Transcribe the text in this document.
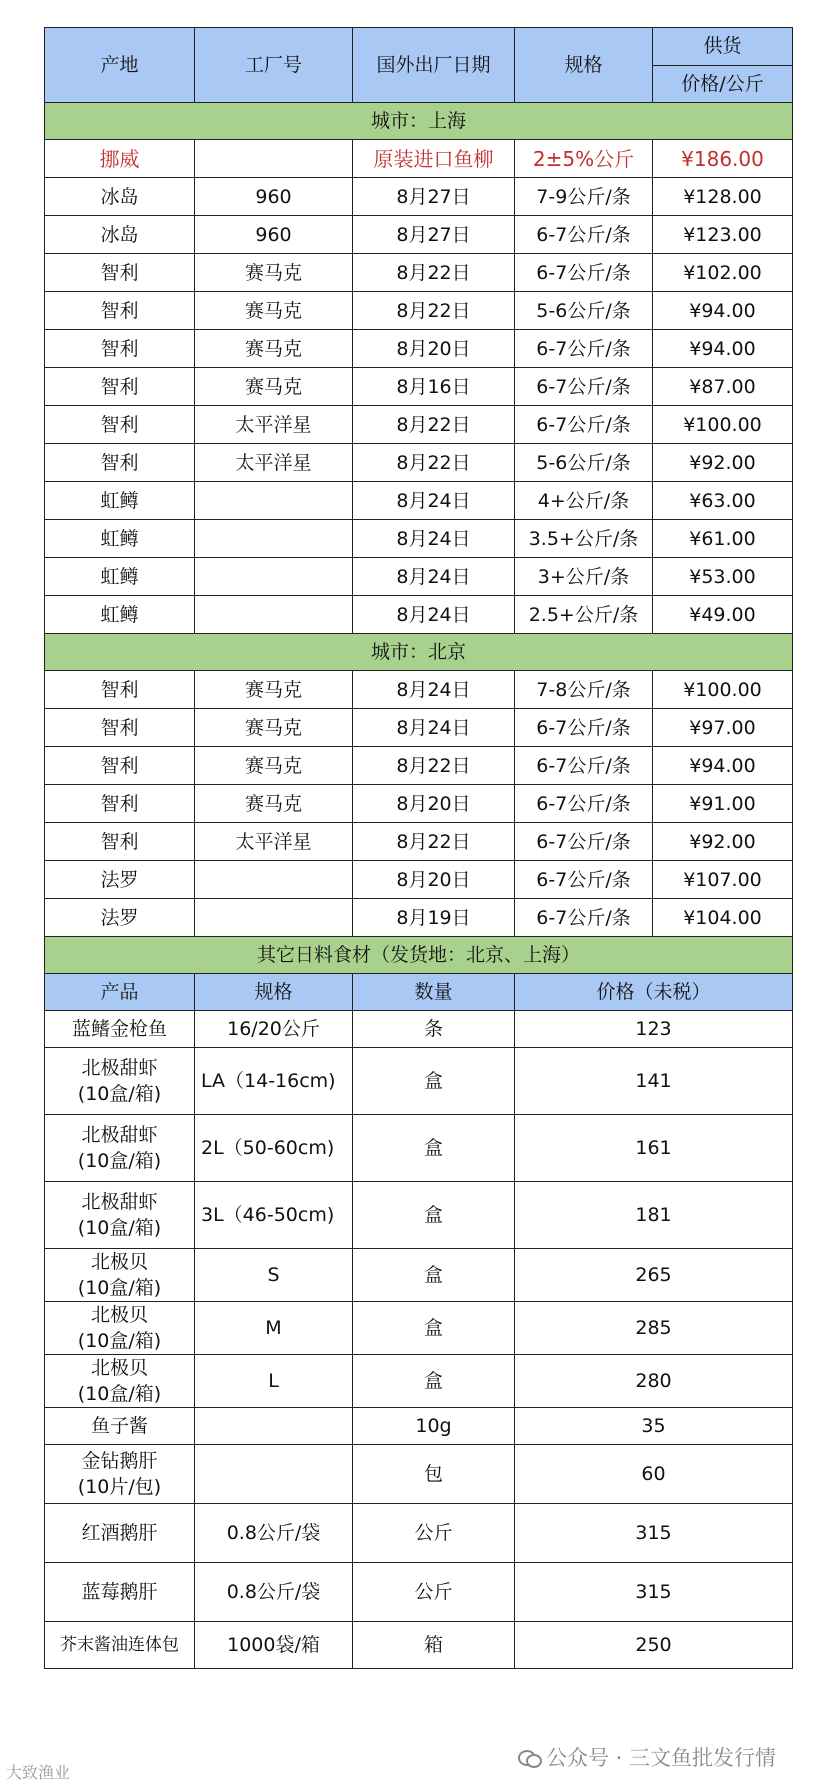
产地	工厂号	国外出厂日期	规格	供货
				价格/公斤
城市：上海				
挪威		原装进口鱼柳	2±5%公斤	¥186.00
冰岛	960	8月27日	7-9公斤/条	¥128.00
冰岛	960	8月27日	6-7公斤/条	¥123.00
智利	赛马克	8月22日	6-7公斤/条	¥102.00
智利	赛马克	8月22日	5-6公斤/条	¥94.00
智利	赛马克	8月20日	6-7公斤/条	¥94.00
智利	赛马克	8月16日	6-7公斤/条	¥87.00
智利	太平洋星	8月22日	6-7公斤/条	¥100.00
智利	太平洋星	8月22日	5-6公斤/条	¥92.00
虹鳟		8月24日	4+公斤/条	¥63.00
虹鳟		8月24日	3.5+公斤/条	¥61.00
虹鳟		8月24日	3+公斤/条	¥53.00
虹鳟		8月24日	2.5+公斤/条	¥49.00
城市：北京				
智利	赛马克	8月24日	7-8公斤/条	¥100.00
智利	赛马克	8月24日	6-7公斤/条	¥97.00
智利	赛马克	8月22日	6-7公斤/条	¥94.00
智利	赛马克	8月20日	6-7公斤/条	¥91.00
智利	太平洋星	8月22日	6-7公斤/条	¥92.00
法罗		8月20日	6-7公斤/条	¥107.00
法罗		8月19日	6-7公斤/条	¥104.00
其它日料食材（发货地：北京、上海）				
产品	规格	数量	价格（未税）	

蓝鳍金枪鱼	16/20公斤	条	123	

北极甜虾
(10盒/箱)	LA（14-16cm)	盒	141	

北极甜虾
(10盒/箱)	2L（50-60cm)	盒	161	

北极甜虾
(10盒/箱)	3L（46-50cm)	盒	181	

北极贝
(10盒/箱)	S	盒	265	

北极贝
(10盒/箱)	M	盒	285	

北极贝
(10盒/箱)	L	盒	280	

鱼子酱		10g	35	

金钻鹅肝
(10片/包)		包	60	

红酒鹅肝	0.8公斤/袋	公斤	315	

蓝莓鹅肝	0.8公斤/袋	公斤	315	

芥末酱油连体包	1000袋/箱	箱	250	
公众号 · 三文鱼批发行情
大致渔业
